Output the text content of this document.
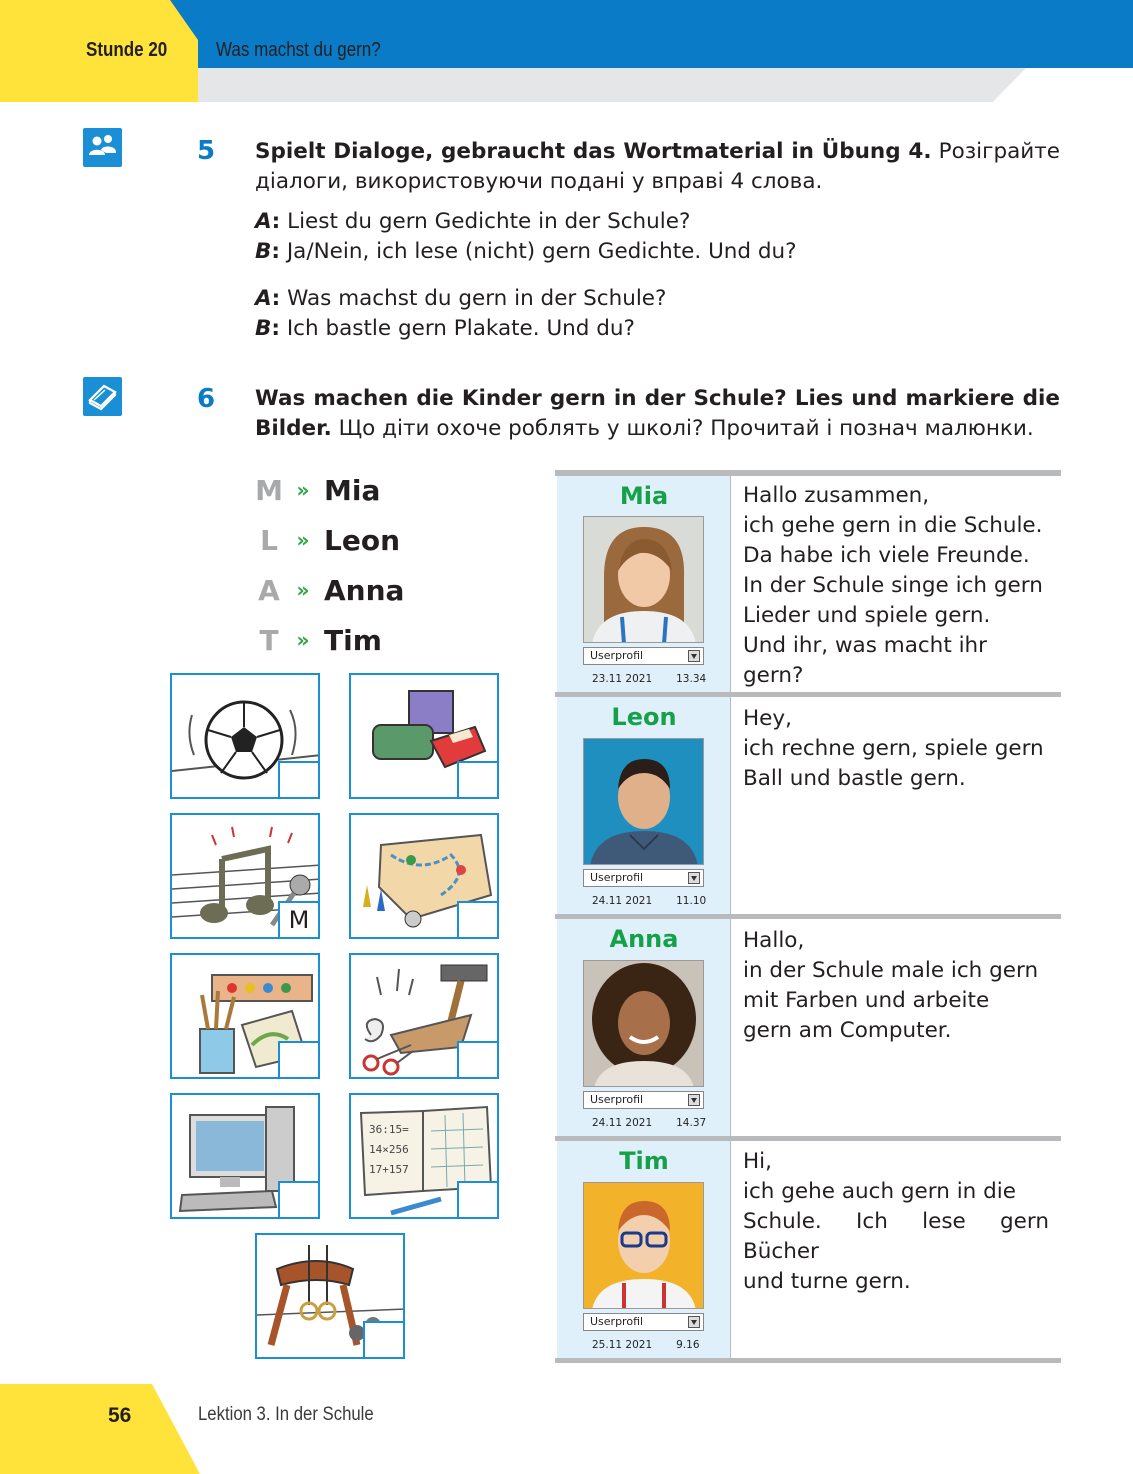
Stunde 20 Was machst du gern?
5 Spielt Dialoge, gebraucht das Wortmaterial in Übung 4. Розіграйте діалоги, використовуючи подані у вправі 4 слова.
A: Liest du gern Gedichte in der Schule?
B: Ja/Nein, ich lese (nicht) gern Gedichte. Und du?
A: Was machst du gern in der Schule?
B: Ich bastle gern Plakate. Und du?
6 Was machen die Kinder gern in der Schule? Lies und markiere die Bilder. Що діти охоче роблять у школі? Прочитай і познач малюнки.
M » Mia
L » Leon
A » Anna
T » Tim
M
36:15=
14×256
17+157
Mia
Userprofil
23.11 2021 13.34
Hallo zusammen,
ich gehe gern in die Schule.
Da habe ich viele Freunde.
In der Schule singe ich gern
Lieder und spiele gern.
Und ihr, was macht ihr
gern?
Leon
Userprofil
24.11 2021 11.10
Hey,
ich rechne gern, spiele gern
Ball und bastle gern.
Anna
Userprofil
24.11 2021 14.37
Hallo,
in der Schule male ich gern
mit Farben und arbeite
gern am Computer.
Tim
Userprofil
25.11 2021 9.16
Hi,
ich gehe auch gern in die
Schule. Ich lese gern Bücher
und turne gern.
56	Lektion 3. In der Schule
